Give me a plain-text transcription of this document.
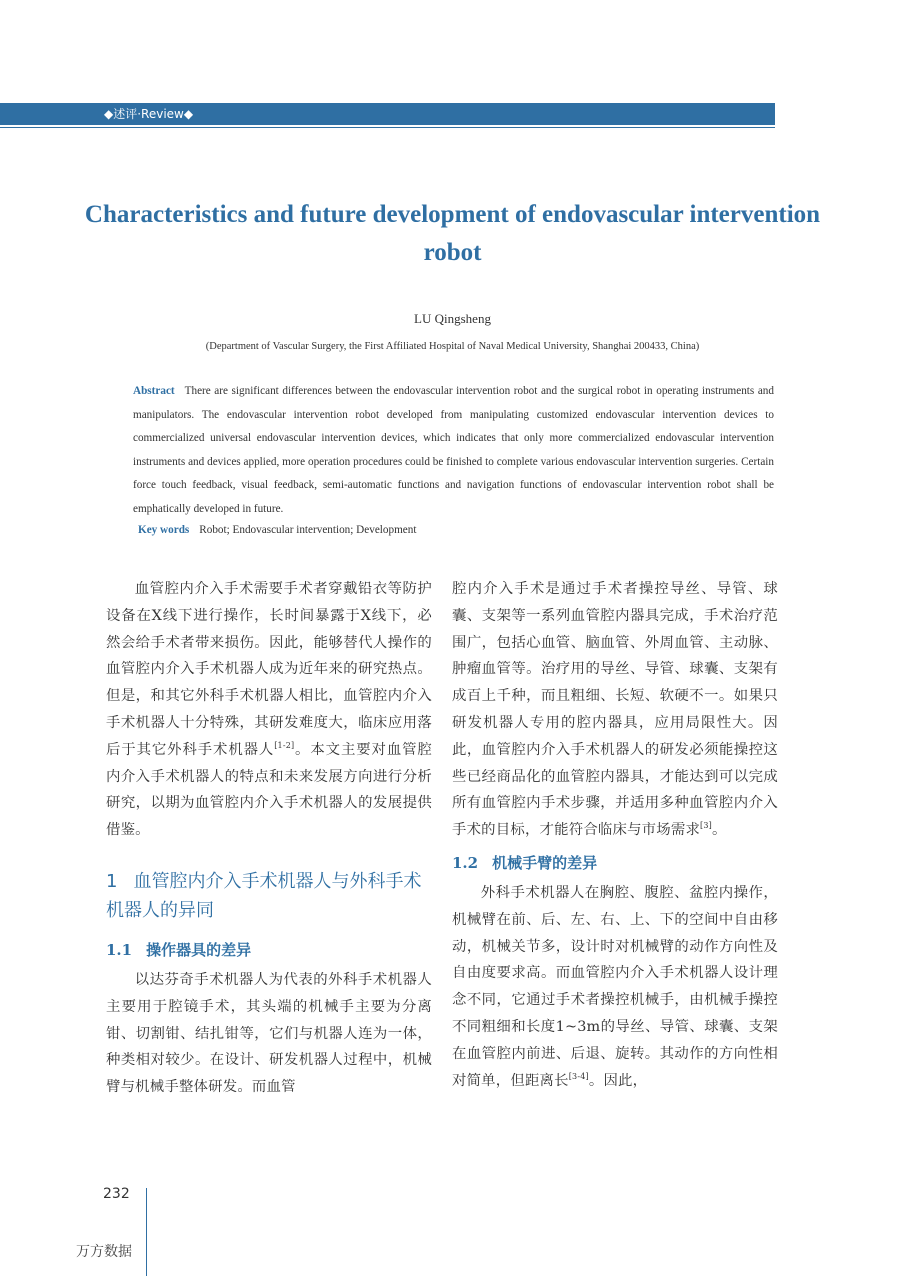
◆述评·Review◆
Characteristics and future development of endovascular intervention robot
LU Qingsheng
(Department of Vascular Surgery, the First Affiliated Hospital of Naval Medical University, Shanghai 200433, China)
Abstract There are significant differences between the endovascular intervention robot and the surgical robot in operating instruments and manipulators. The endovascular intervention robot developed from manipulating customized endovascular intervention devices to commercialized universal endovascular intervention devices, which indicates that only more commercialized endovascular intervention instruments and devices applied, more operation procedures could be finished to complete various endovascular intervention surgeries. Certain force touch feedback, visual feedback, semi-automatic functions and navigation functions of endovascular intervention robot shall be emphatically developed in future.
Key words Robot; Endovascular intervention; Development

血管腔内介入手术需要手术者穿戴铅衣等防护设备在X线下进行操作，长时间暴露于X线下，必然会给手术者带来损伤。因此，能够替代人操作的血管腔内介入手术机器人成为近年来的研究热点。但是，和其它外科手术机器人相比，血管腔内介入手术机器人十分特殊，其研发难度大，临床应用落后于其它外科手术机器人[1-2]。本文主要对血管腔内介入手术机器人的特点和未来发展方向进行分析研究，以期为血管腔内介入手术机器人的发展提供借鉴。

1 血管腔内介入手术机器人与外科手术机器人的异同
1.1 操作器具的差异

以达芬奇手术机器人为代表的外科手术机器人主要用于腔镜手术，其头端的机械手主要为分离钳、切割钳、结扎钳等，它们与机器人连为一体，种类相对较少。在设计、研发机器人过程中，机械臂与机械手整体研发。而血管

腔内介入手术是通过手术者操控导丝、导管、球囊、支架等一系列血管腔内器具完成，手术治疗范围广，包括心血管、脑血管、外周血管、主动脉、肿瘤血管等。治疗用的导丝、导管、球囊、支架有成百上千种，而且粗细、长短、软硬不一。如果只研发机器人专用的腔内器具，应用局限性大。因此，血管腔内介入手术机器人的研发必须能操控这些已经商品化的血管腔内器具，才能达到可以完成所有血管腔内手术步骤，并适用多种血管腔内介入手术的目标，才能符合临床与市场需求[3]。

1.2 机械手臂的差异

外科手术机器人在胸腔、腹腔、盆腔内操作，机械臂在前、后、左、右、上、下的空间中自由移动，机械关节多，设计时对机械臂的动作方向性及自由度要求高。而血管腔内介入手术机器人设计理念不同，它通过手术者操控机械手，由机械手操控不同粗细和长度1~3m的导丝、导管、球囊、支架在血管腔内前进、后退、旋转。其动作的方向性相对简单，但距离长[3-4]。因此，

232
万方数据
